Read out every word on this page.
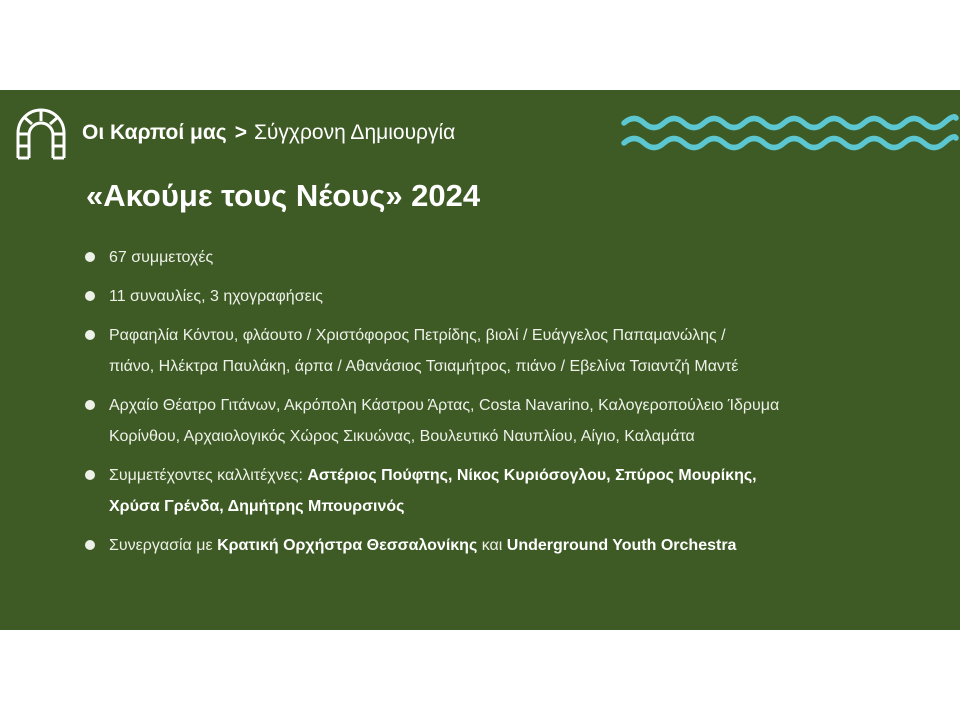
Οι Καρποί μας > Σύγχρονη Δημιουργία
«Ακούμε τους Νέους» 2024
67 συμμετοχές
11 συναυλίες, 3 ηχογραφήσεις
Ραφαηλία Κόντου, φλάουτο / Χριστόφορος Πετρίδης, βιολί / Ευάγγελος Παπαμανώλης /
πιάνο, Ηλέκτρα Παυλάκη, άρπα / Αθανάσιος Τσιαμήτρος, πιάνο / Εβελίνα Τσιαντζή Μαντέ
Αρχαίο Θέατρο Γιτάνων, Ακρόπολη Κάστρου Άρτας, Costa Navarino, Καλογεροπούλειο Ίδρυμα
Κορίνθου, Αρχαιολογικός Χώρος Σικυώνας, Βουλευτικό Ναυπλίου, Αίγιο, Καλαμάτα
Συμμετέχοντες καλλιτέχνες: Αστέριος Πούφτης, Νίκος Κυριόσογλου, Σπύρος Μουρίκης,
Χρύσα Γρένδα, Δημήτρης Μπουρσινός
Συνεργασία με Κρατική Ορχήστρα Θεσσαλονίκης και Underground Youth Orchestra
